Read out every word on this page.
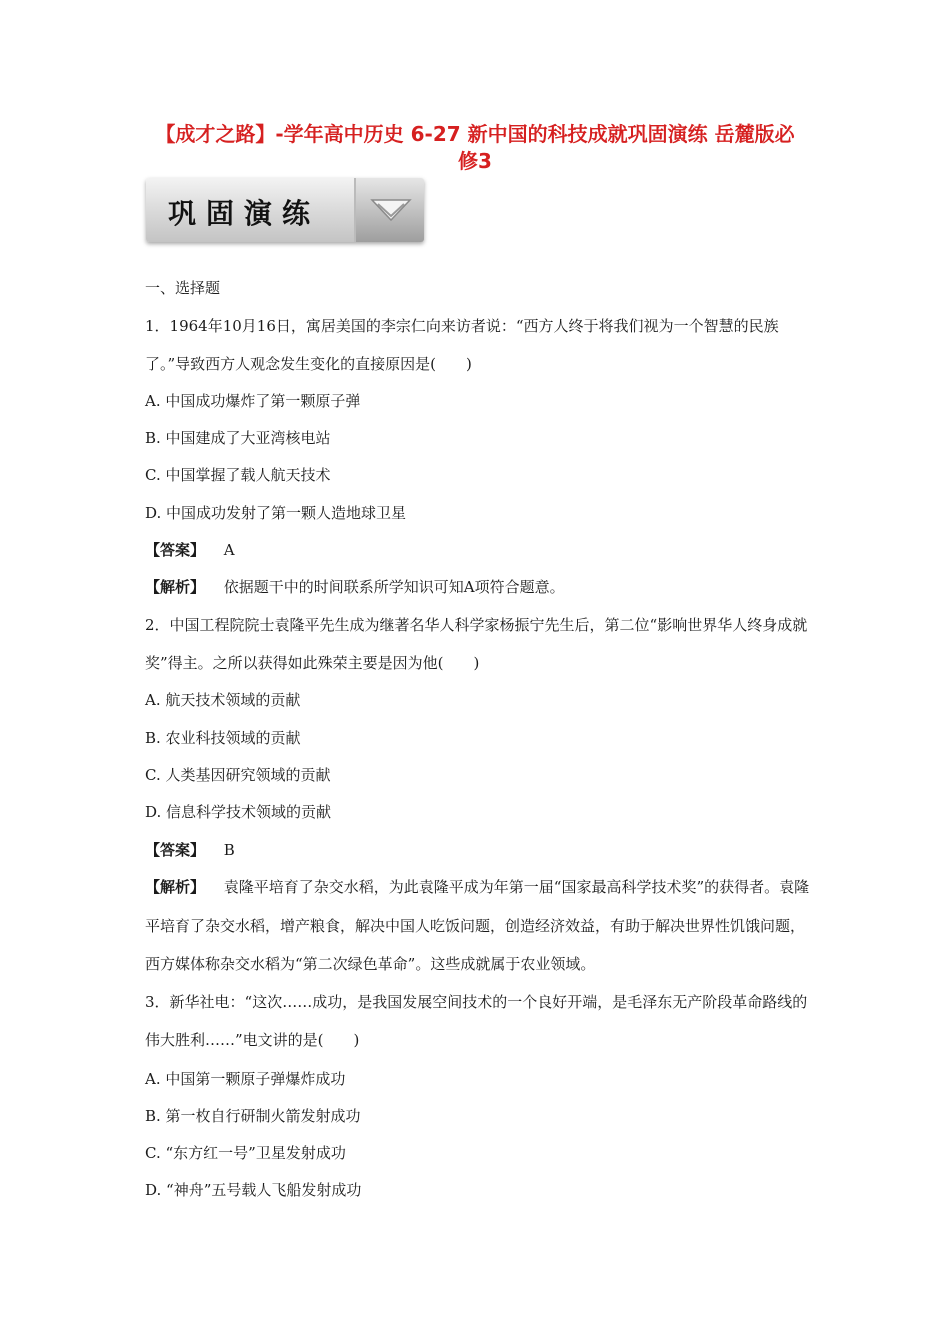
【成才之路】-学年高中历史 6-27 新中国的科技成就巩固演练 岳麓版必
修3
巩固演练
一、选择题
1．1964年10月16日，寓居美国的李宗仁向来访者说：“西方人终于将我们视为一个智慧的民族
了。”导致西方人观念发生变化的直接原因是(　　)
A. 中国成功爆炸了第一颗原子弹
B. 中国建成了大亚湾核电站
C. 中国掌握了载人航天技术
D. 中国成功发射了第一颗人造地球卫星
【答案】 A
【解析】 依据题干中的时间联系所学知识可知A项符合题意。
2．中国工程院院士袁隆平先生成为继著名华人科学家杨振宁先生后，第二位“影响世界华人终身成就
奖”得主。之所以获得如此殊荣主要是因为他(　　)
A. 航天技术领域的贡献
B. 农业科技领域的贡献
C. 人类基因研究领域的贡献
D. 信息科学技术领域的贡献
【答案】 B
【解析】 袁隆平培育了杂交水稻，为此袁隆平成为年第一届“国家最高科学技术奖”的获得者。袁隆
平培育了杂交水稻，增产粮食，解决中国人吃饭问题，创造经济效益，有助于解决世界性饥饿问题，
西方媒体称杂交水稻为“第二次绿色革命”。这些成就属于农业领域。
3．新华社电：“这次……成功，是我国发展空间技术的一个良好开端，是毛泽东无产阶段革命路线的
伟大胜利……”电文讲的是(　　)
A. 中国第一颗原子弹爆炸成功
B. 第一枚自行研制火箭发射成功
C. “东方红一号”卫星发射成功
D. “神舟”五号载人飞船发射成功
